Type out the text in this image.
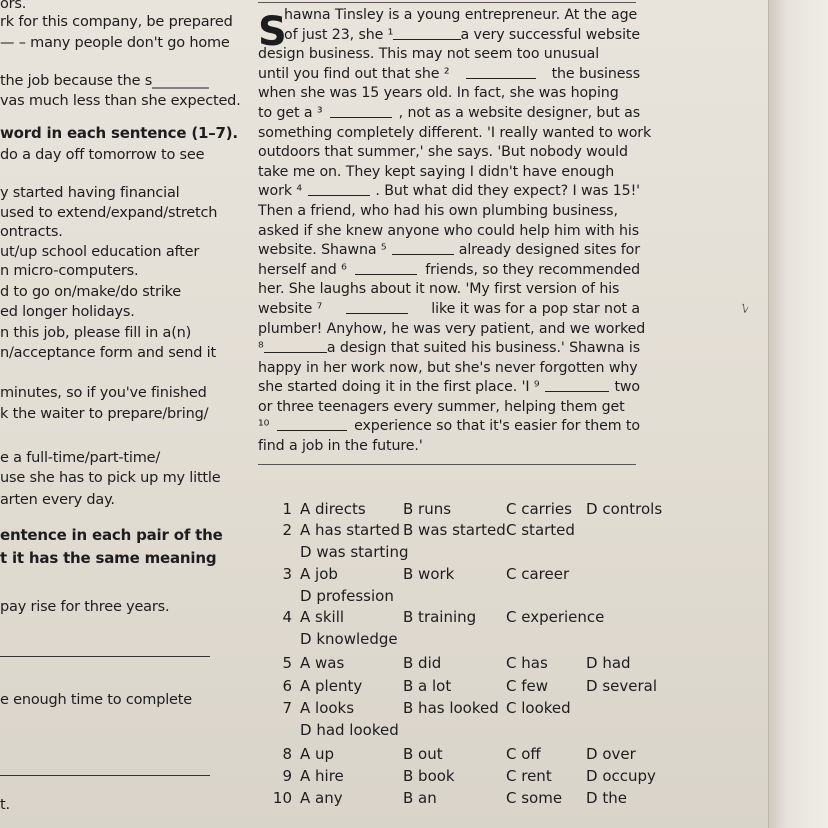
ors.
rk for this company, be prepared
— – many people don't go home
the job because the s________
vas much less than she expected.
word in each sentence (1–7).
do a day off tomorrow to see
y started having financial
used to extend/expand/stretch
ontracts.
ut/up school education after
n micro-computers.
d to go on/make/do strike
ed longer holidays.
n this job, please fill in a(n)
n/acceptance form and send it
minutes, so if you've finished
k the waiter to prepare/bring/
e a full-time/part-time/
use she has to pick up my little
arten every day.
entence in each pair of the
t it has the same meaning
pay rise for three years.
e enough time to complete
t.
S
hawna Tinsley is a young entrepreneur. At the age
of just 23, she ¹	a very successful website
design business. This may not seem too unusual
until you find out that she ²	the business
when she was 15 years old. In fact, she was hoping
to get a ³	, not as a website designer, but as
something completely different. 'I really wanted to work
outdoors that summer,' she says. 'But nobody would
take me on. They kept saying I didn't have enough
work ⁴	. But what did they expect? I was 15!'
Then a friend, who had his own plumbing business,
asked if she knew anyone who could help him with his
website. Shawna ⁵	already designed sites for
herself and ⁶	friends, so they recommended
her. She laughs about it now. 'My first version of his
website ⁷	like it was for a pop star not a
plumber! Anyhow, he was very patient, and we worked
⁸	a design that suited his business.' Shawna is
happy in her work now, but she's never forgotten why
she started doing it in the first place. 'I ⁹	two
or three teenagers every summer, helping them get
¹⁰	experience so that it's easier for them to
find a job in the future.'
1 A directs B runs	C carries D controls
2 A has started B was started C started
D was starting
3 A job	B work	C career
D profession
4 A skill	B training C experience
D knowledge
5 A was	B did	C has	D had
6 A plenty	B a lot	C few	D several
7 A looks	B has looked C looked
D had looked
8 A up	B out	C off	D over
9 A hire	B book	C rent D occupy
10 A any	B an	C some D the
ﾚ
